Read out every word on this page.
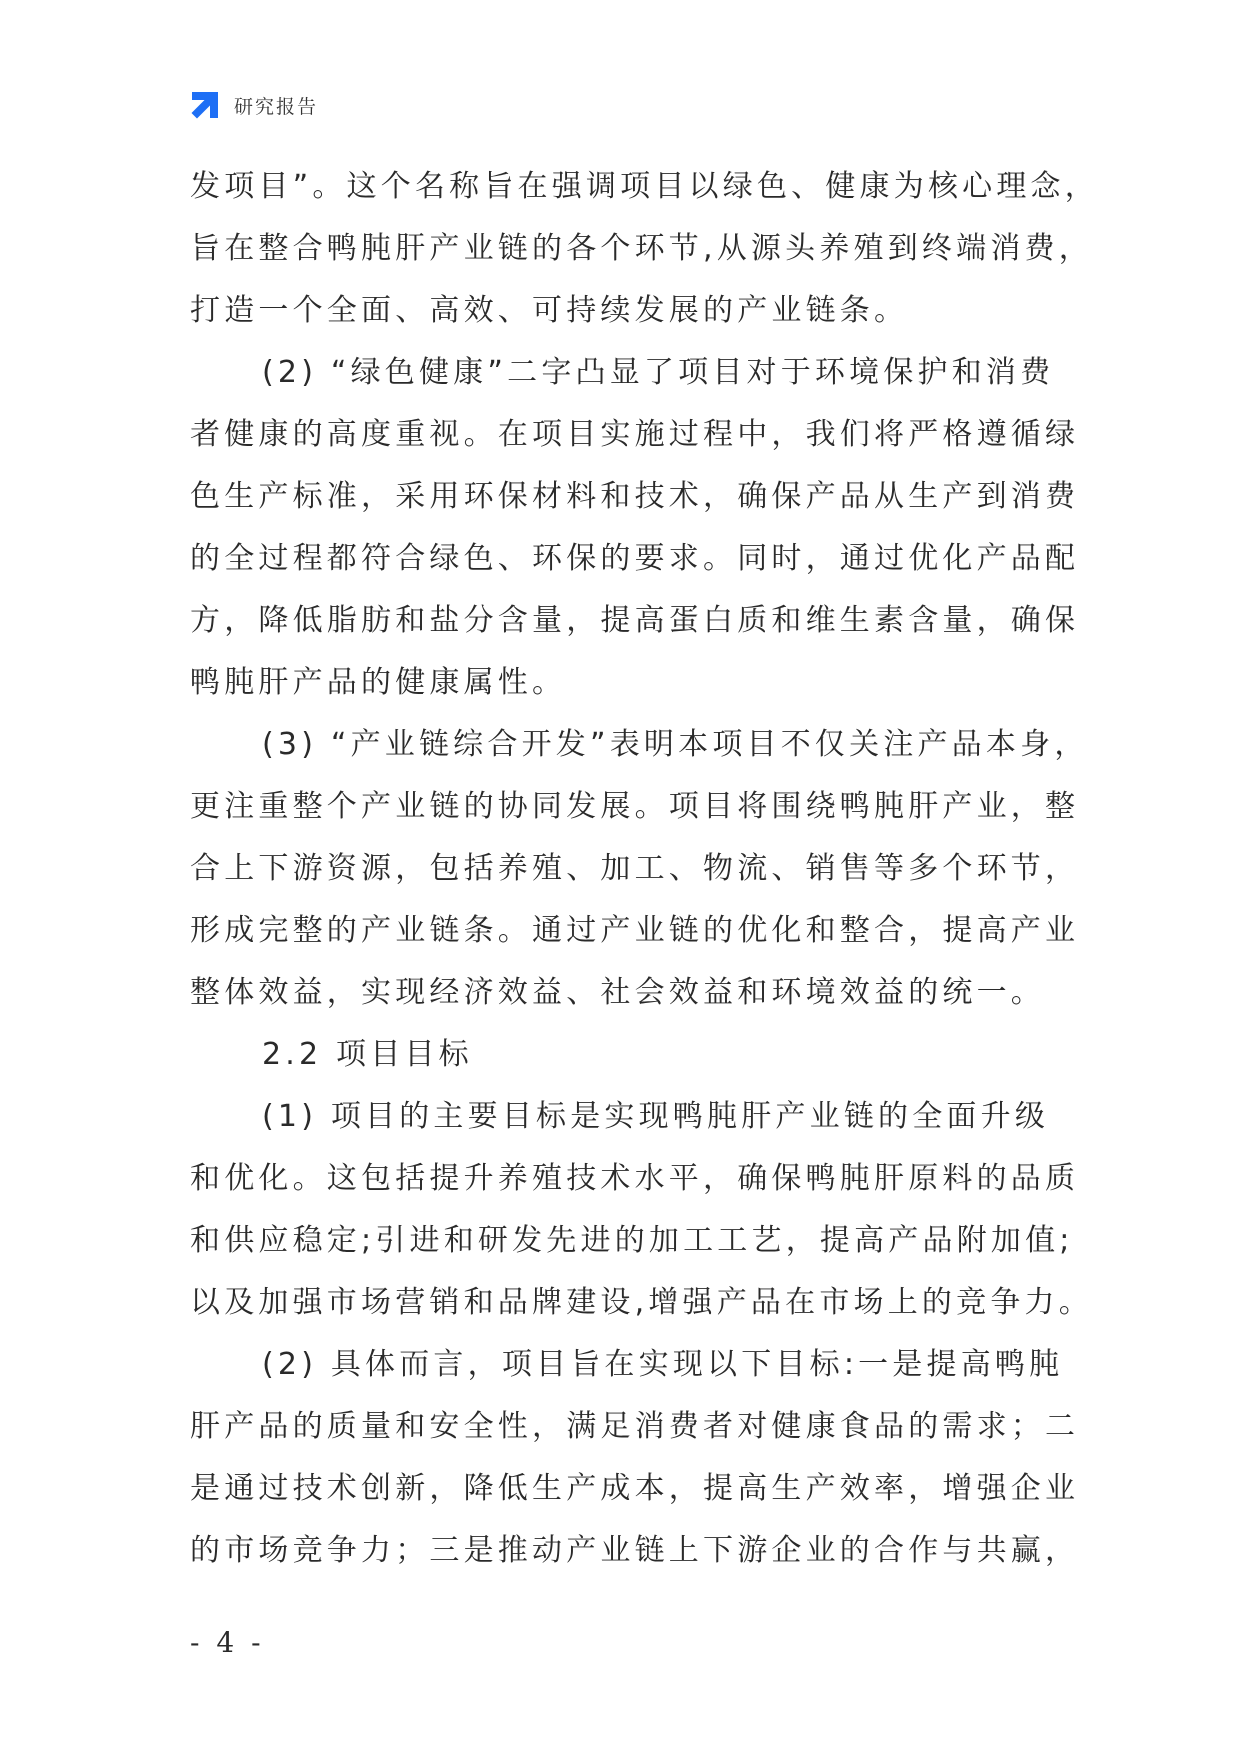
研究报告
发项目”。这个名称旨在强调项目以绿色、健康为核心理念，
旨在整合鸭肫肝产业链的各个环节,从源头养殖到终端消费，
打造一个全面、高效、可持续发展的产业链条。
(2) “绿色健康”二字凸显了项目对于环境保护和消费
者健康的高度重视。在项目实施过程中，我们将严格遵循绿
色生产标准，采用环保材料和技术，确保产品从生产到消费
的全过程都符合绿色、环保的要求。同时，通过优化产品配
方，降低脂肪和盐分含量，提高蛋白质和维生素含量，确保
鸭肫肝产品的健康属性。
(3) “产业链综合开发”表明本项目不仅关注产品本身，
更注重整个产业链的协同发展。项目将围绕鸭肫肝产业，整
合上下游资源，包括养殖、加工、物流、销售等多个环节，
形成完整的产业链条。通过产业链的优化和整合，提高产业
整体效益，实现经济效益、社会效益和环境效益的统一。
2.2 项目目标
(1) 项目的主要目标是实现鸭肫肝产业链的全面升级
和优化。这包括提升养殖技术水平，确保鸭肫肝原料的品质
和供应稳定;引进和研发先进的加工工艺，提高产品附加值;
以及加强市场营销和品牌建设,增强产品在市场上的竞争力。
(2) 具体而言，项目旨在实现以下目标:一是提高鸭肫
肝产品的质量和安全性，满足消费者对健康食品的需求；二
是通过技术创新，降低生产成本，提高生产效率，增强企业
的市场竞争力；三是推动产业链上下游企业的合作与共赢，
- 4 -
